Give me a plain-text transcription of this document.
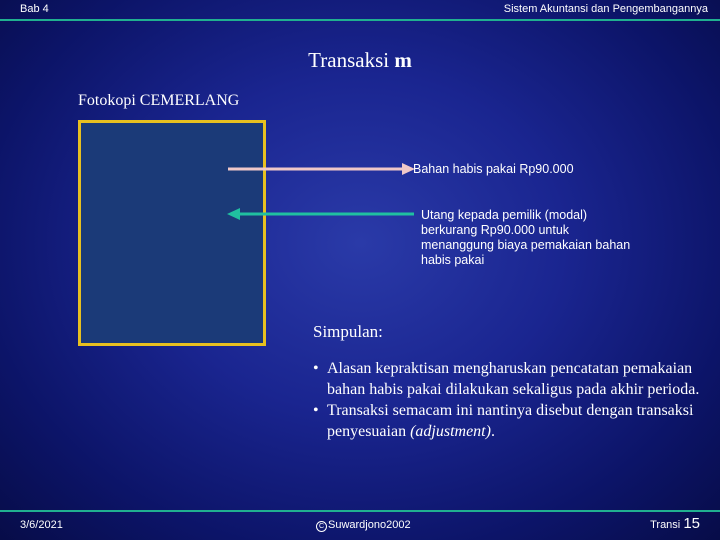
Bab 4	Sistem Akuntansi dan Pengembangannya
Transaksi m
Fotokopi CEMERLANG
Bahan habis pakai Rp90.000
Utang kepada pemilik (modal) berkurang Rp90.000 untuk menanggung biaya pemakaian bahan habis pakai
Simpulan:
• Alasan kepraktisan mengharuskan pencatatan pemakaian bahan habis pakai dilakukan sekaligus pada akhir perioda.
• Transaksi semacam ini nantinya disebut dengan transaksi penyesuaian (adjustment).
3/6/2021	C Suwardjono2002	Transi 15
